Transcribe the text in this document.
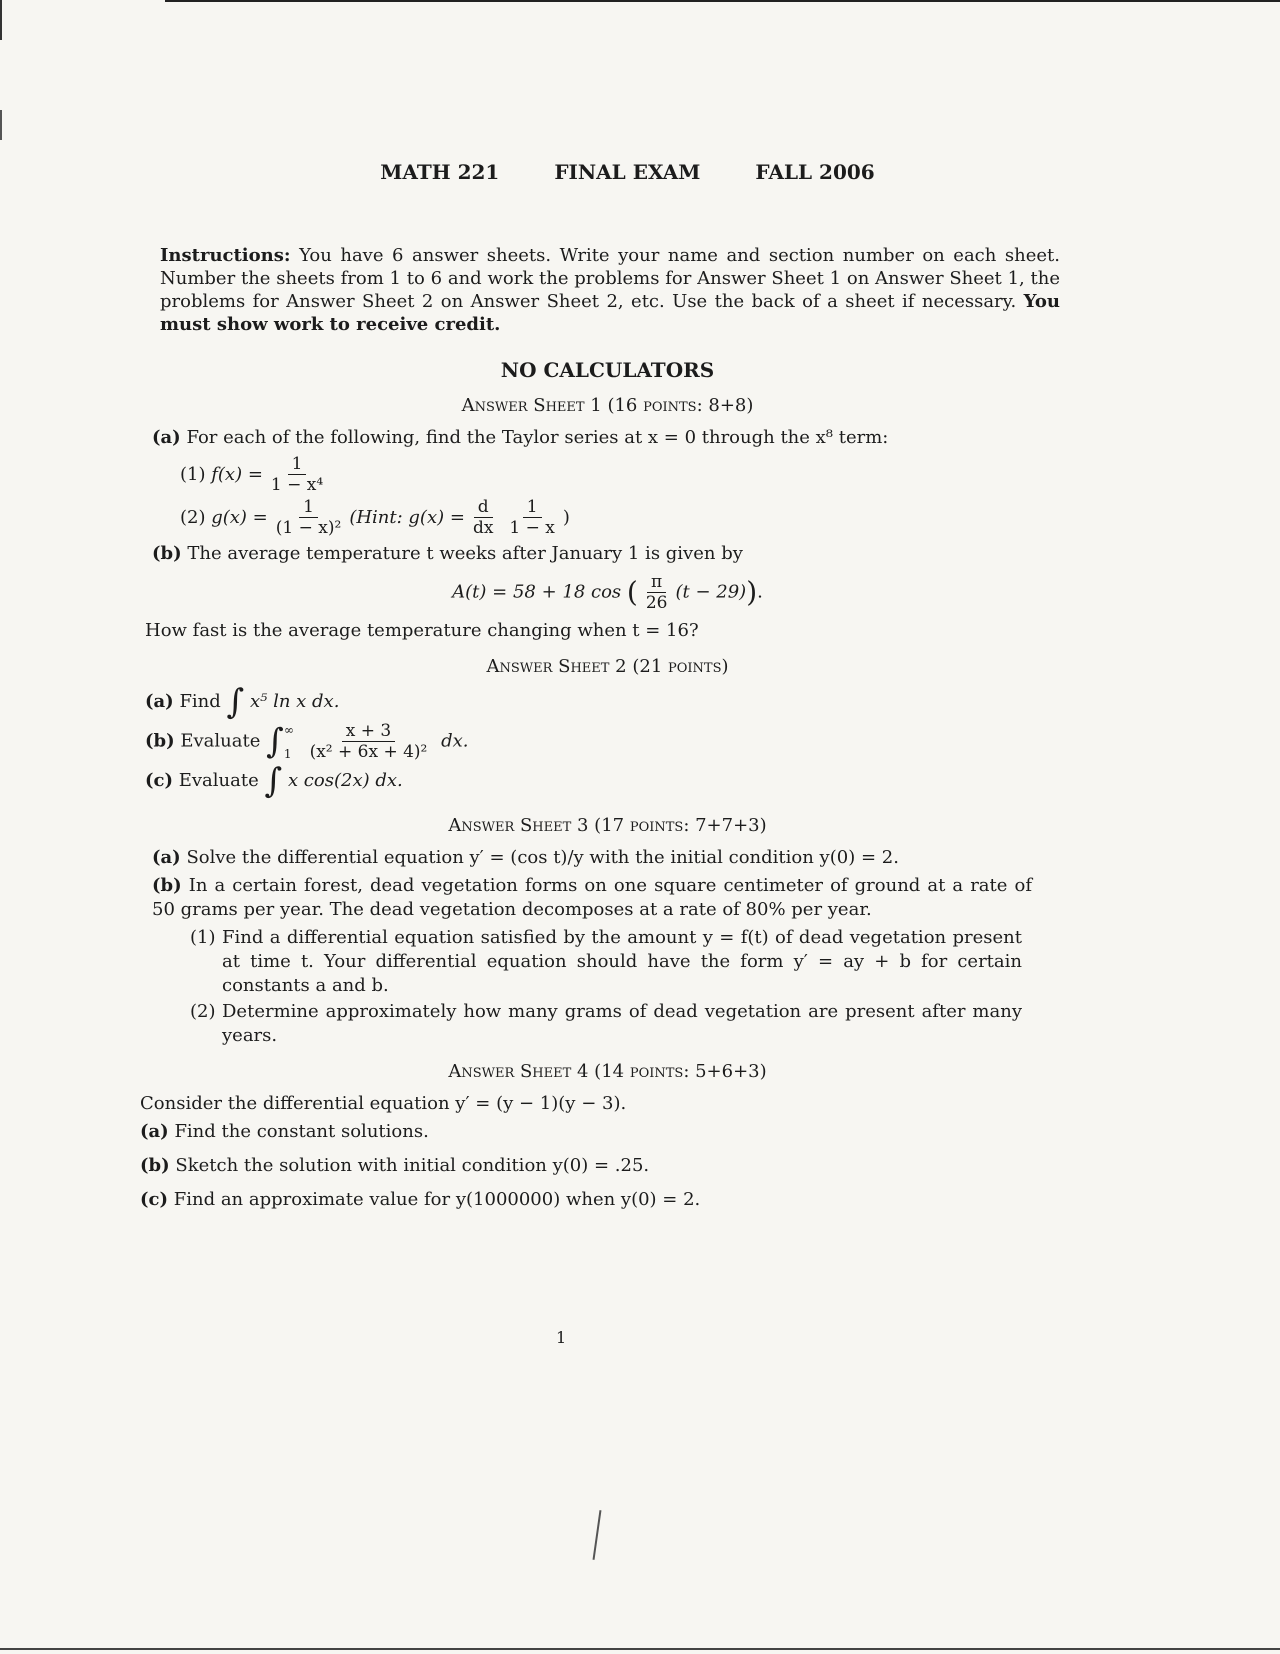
MATH 221	FINAL EXAM	FALL 2006
Instructions: You have 6 answer sheets. Write your name and section number on each sheet. Number the sheets from 1 to 6 and work the problems for Answer Sheet 1 on Answer Sheet 1, the problems for Answer Sheet 2 on Answer Sheet 2, etc. Use the back of a sheet if necessary. You must show work to receive credit.
NO CALCULATORS
Answer Sheet 1 (16 points: 8+8)
(a) For each of the following, find the Taylor series at x = 0 through the x⁸ term:
(1)
$f(x) = \frac{1}{\text{1 − x⁴}}$
(2)
$g(x) = \frac{1}{\text{(1 − x)²}}$ (Hint: $g(x) = \frac{d}{dx} \frac{1}{1 - x}$ )
(b) The average temperature t weeks after January 1 is given by
A(t) = 58 + 18 cos ( $\frac{\pi}{26} (t - 29)$).
How fast is the average temperature changing when t = 16?
Answer Sheet 2 (21 points)
(a) Find ∫ x⁵ ln x dx.
(b) Evaluate ∫ ∞
1
$\frac{x + 3}{\text{(x² + 6x + 4)²}}$ dx.
(c) Evaluate ∫ x cos(2x) dx.
Answer Sheet 3 (17 points: 7+7+3)
(a) Solve the differential equation y′ = (cos t)/y with the initial condition y(0) = 2.
(b) In a certain forest, dead vegetation forms on one square centimeter of ground at a rate of 50 grams per year. The dead vegetation decomposes at a rate of 80% per year.
(1) Find a differential equation satisfied by the amount y = f(t) of dead vegetation present at time t. Your differential equation should have the form y′ = ay + b for certain constants a and b.
(2) Determine approximately how many grams of dead vegetation are present after many years.
Answer Sheet 4 (14 points: 5+6+3)
Consider the differential equation y′ = (y − 1)(y − 3).
(a) Find the constant solutions.
(b) Sketch the solution with initial condition y(0) = .25.
(c) Find an approximate value for y(1000000) when y(0) = 2.
1
